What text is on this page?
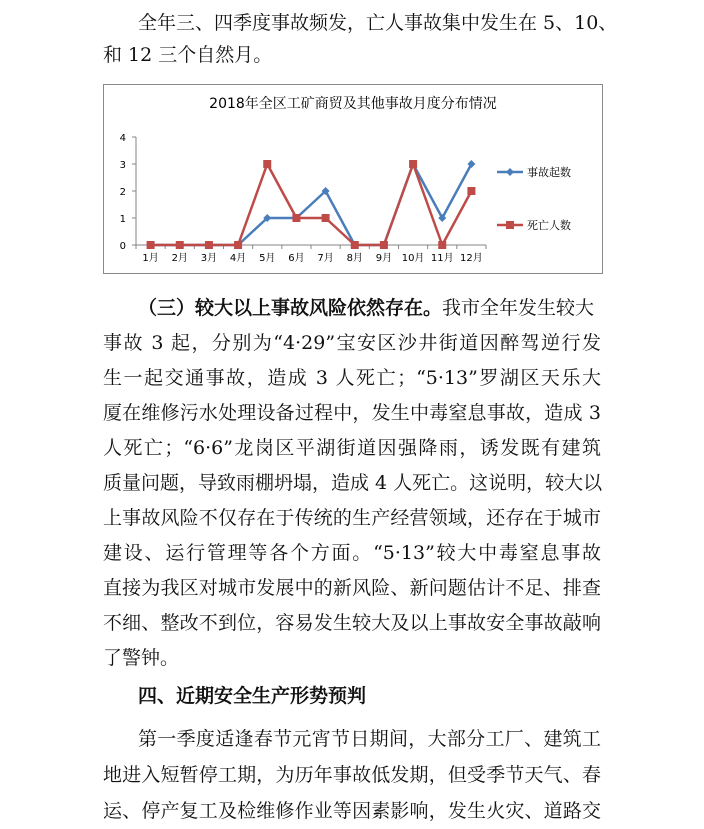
全年三、四季度事故频发，亡人事故集中发生在 5、10、
和 12 三个自然月。
2018年全区工矿商贸及其他事故月度分布情况
0
1
2
3
4
1月 2月 3月 4月 5月 6月 7月 8月 9月 10月 11月 12月
事故起数
死亡人数
（三）较大以上事故风险依然存在。我市全年发生较大
事故 3 起，分别为“4·29”宝安区沙井街道因醉驾逆行发
生一起交通事故，造成 3 人死亡；“5·13”罗湖区天乐大
厦在维修污水处理设备过程中，发生中毒窒息事故，造成 3
人死亡；“6·6”龙岗区平湖街道因强降雨，诱发既有建筑
质量问题，导致雨棚坍塌，造成 4 人死亡。这说明，较大以
上事故风险不仅存在于传统的生产经营领域，还存在于城市
建设、运行管理等各个方面。“5·13”较大中毒窒息事故
直接为我区对城市发展中的新风险、新问题估计不足、排查
不细、整改不到位，容易发生较大及以上事故安全事故敲响
了警钟。
四、近期安全生产形势预判
第一季度适逢春节元宵节日期间，大部分工厂、建筑工
地进入短暂停工期，为历年事故低发期，但受季节天气、春
运、停产复工及检维修作业等因素影响，发生火灾、道路交
